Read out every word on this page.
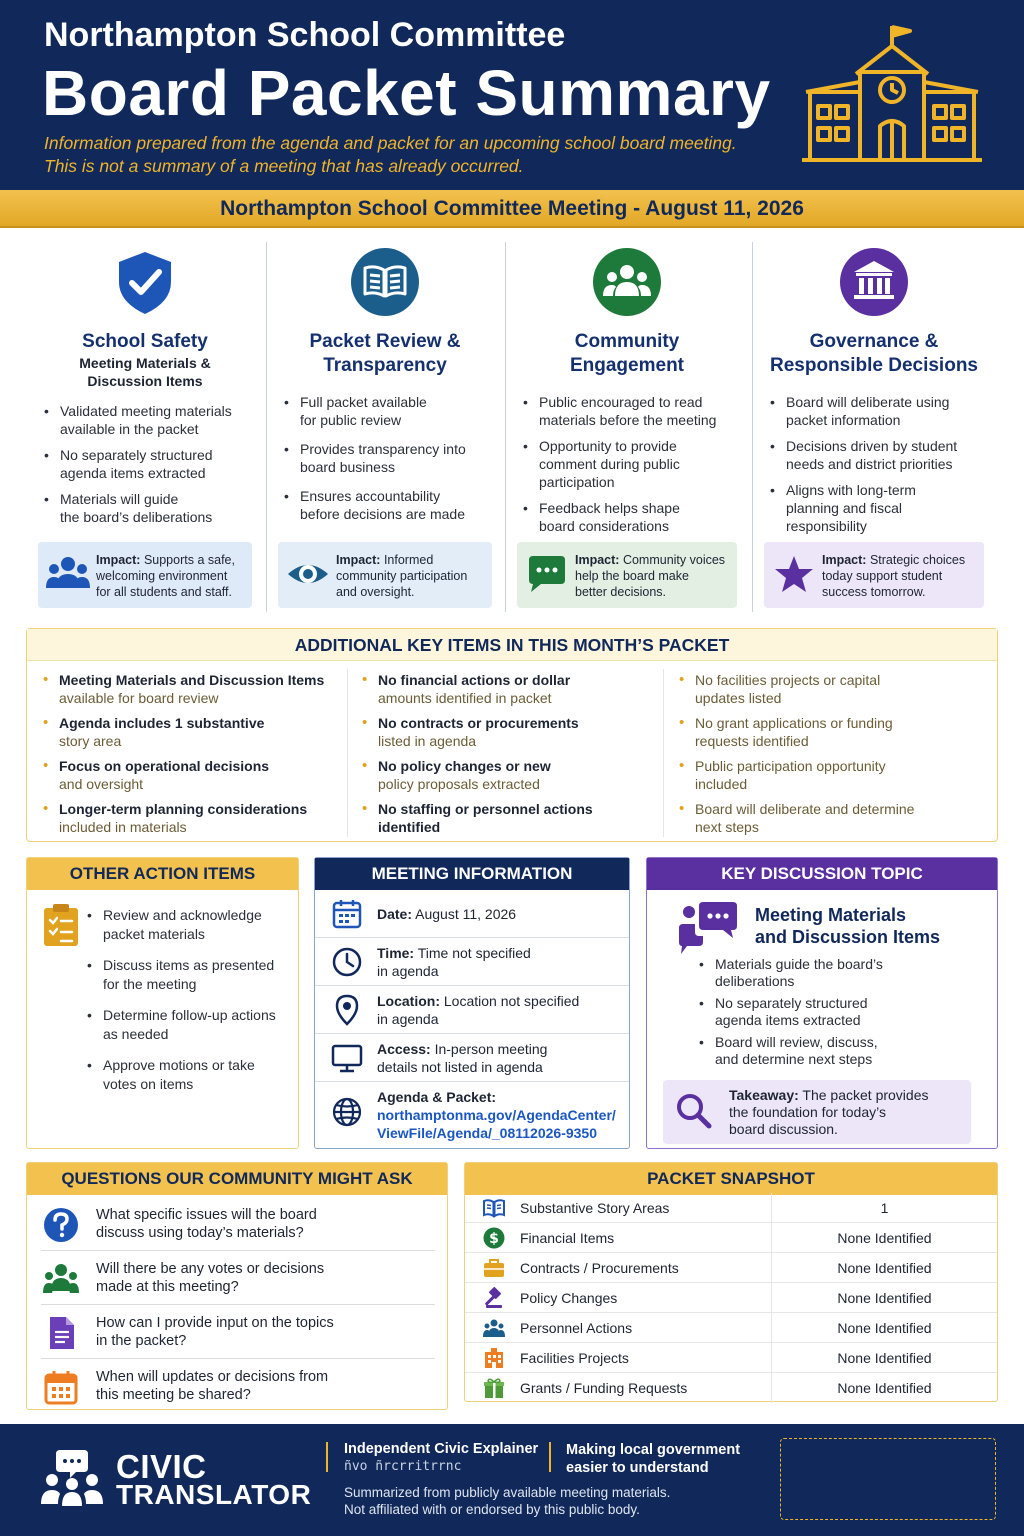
Northampton School Committee
Board Packet Summary
Information prepared from the agenda and packet for an upcoming school board meeting.
This is not a summary of a meeting that has already occurred.
Northampton School Committee Meeting - August 11, 2026
School Safety
Meeting Materials &
Discussion Items
• Validated meeting materials
available in the packet
• No separately structured
agenda items extracted
• Materials will guide
the board’s deliberations
Impact: Supports a safe,
welcoming environment
for all students and staff.
Packet Review &
Transparency
• Full packet available
for public review
• Provides transparency into
board business
• Ensures accountability
before decisions are made
Impact: Informed
community participation
and oversight.
Community
Engagement
• Public encouraged to read
materials before the meeting
• Opportunity to provide
comment during public
participation
• Feedback helps shape
board considerations
Impact: Community voices
help the board make
better decisions.
Governance &
Responsible Decisions
• Board will deliberate using
packet information
• Decisions driven by student
needs and district priorities
• Aligns with long-term
planning and fiscal
responsibility
Impact: Strategic choices
today support student
success tomorrow.
ADDITIONAL KEY ITEMS IN THIS MONTH’S PACKET
• Meeting Materials and Discussion Items
available for board review
• Agenda includes 1 substantive
story area
• Focus on operational decisions
and oversight
• Longer-term planning considerations
included in materials
• No financial actions or dollar
amounts identified in packet
• No contracts or procurements
listed in agenda
• No policy changes or new
policy proposals extracted
• No staffing or personnel actions
identified
• No facilities projects or capital
updates listed
• No grant applications or funding
requests identified
• Public participation opportunity
included
• Board will deliberate and determine
next steps
OTHER ACTION ITEMS
• Review and acknowledge
packet materials
• Discuss items as presented
for the meeting
• Determine follow-up actions
as needed
• Approve motions or take
votes on items
MEETING INFORMATION
Date: August 11, 2026
Time: Time not specified
in agenda
Location: Location not specified
in agenda
Access: In-person meeting
details not listed in agenda
Agenda & Packet:
northamptonma.gov/AgendaCenter/
ViewFile/Agenda/_08112026-9350
KEY DISCUSSION TOPIC
Meeting Materials
and Discussion Items
• Materials guide the board’s
deliberations
• No separately structured
agenda items extracted
• Board will review, discuss,
and determine next steps
Takeaway: The packet provides
the foundation for today’s
board discussion.
QUESTIONS OUR COMMUNITY MIGHT ASK
What specific issues will the board
discuss using today’s materials?
Will there be any votes or decisions
made at this meeting?
How can I provide input on the topics
in the packet?
When will updates or decisions from
this meeting be shared?
PACKET SNAPSHOT
Substantive Story Areas	1
$ Financial Items	None Identified
Contracts / Procurements	None Identified
Policy Changes	None Identified
Personnel Actions	None Identified
Facilities Projects	None Identified
Grants / Funding Requests	None Identified
CIVIC
TRANSLATOR
Independent Civic Explainer
ñvo ñrcrritrrnc
Making local government
easier to understand
Summarized from publicly available meeting materials.
Not affiliated with or endorsed by this public body.
